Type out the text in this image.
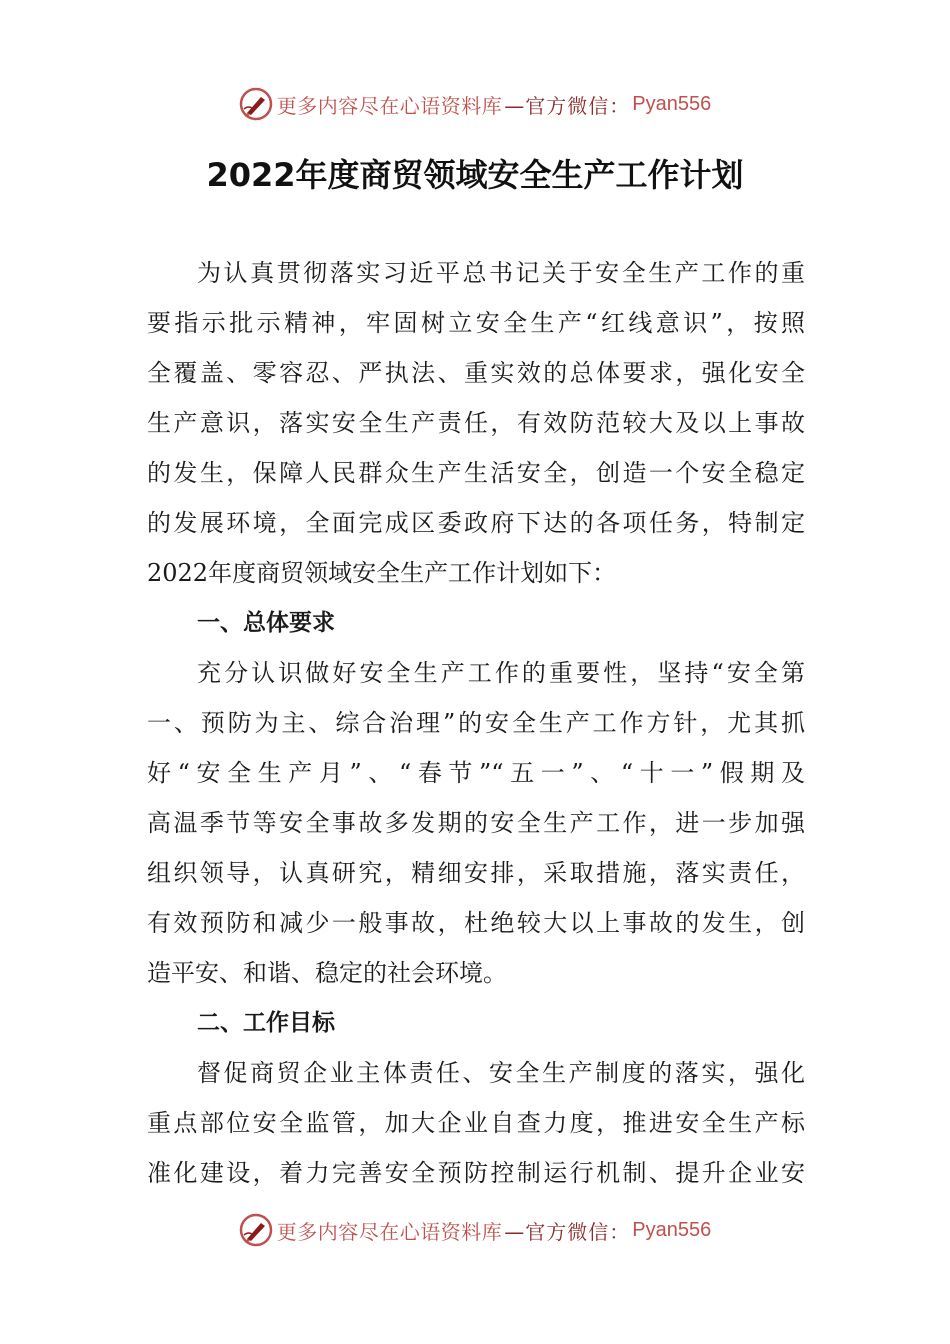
更多内容尽在心语资料库 —官方微信： Pyan556
2022年度商贸领域安全生产工作计划
为认真贯彻落实习近平总书记关于安全生产工作的重
要指示批示精神，牢固树立安全生产“红线意识”，按照
全覆盖、零容忍、严执法、重实效的总体要求，强化安全
生产意识，落实安全生产责任，有效防范较大及以上事故
的发生，保障人民群众生产生活安全，创造一个安全稳定
的发展环境，全面完成区委政府下达的各项任务，特制定
2022年度商贸领域安全生产工作计划如下：
一、总体要求
充分认识做好安全生产工作的重要性，坚持“安全第
一、预防为主、综合治理”的安全生产工作方针，尤其抓
好“安全生产月”、“春节”“五一”、“十一”假期及
高温季节等安全事故多发期的安全生产工作，进一步加强
组织领导，认真研究，精细安排，采取措施，落实责任，
有效预防和减少一般事故，杜绝较大以上事故的发生，创
造平安、和谐、稳定的社会环境。
二、工作目标
督促商贸企业主体责任、安全生产制度的落实，强化
重点部位安全监管，加大企业自查力度，推进安全生产标
准化建设，着力完善安全预防控制运行机制、提升企业安
更多内容尽在心语资料库 —官方微信： Pyan556
